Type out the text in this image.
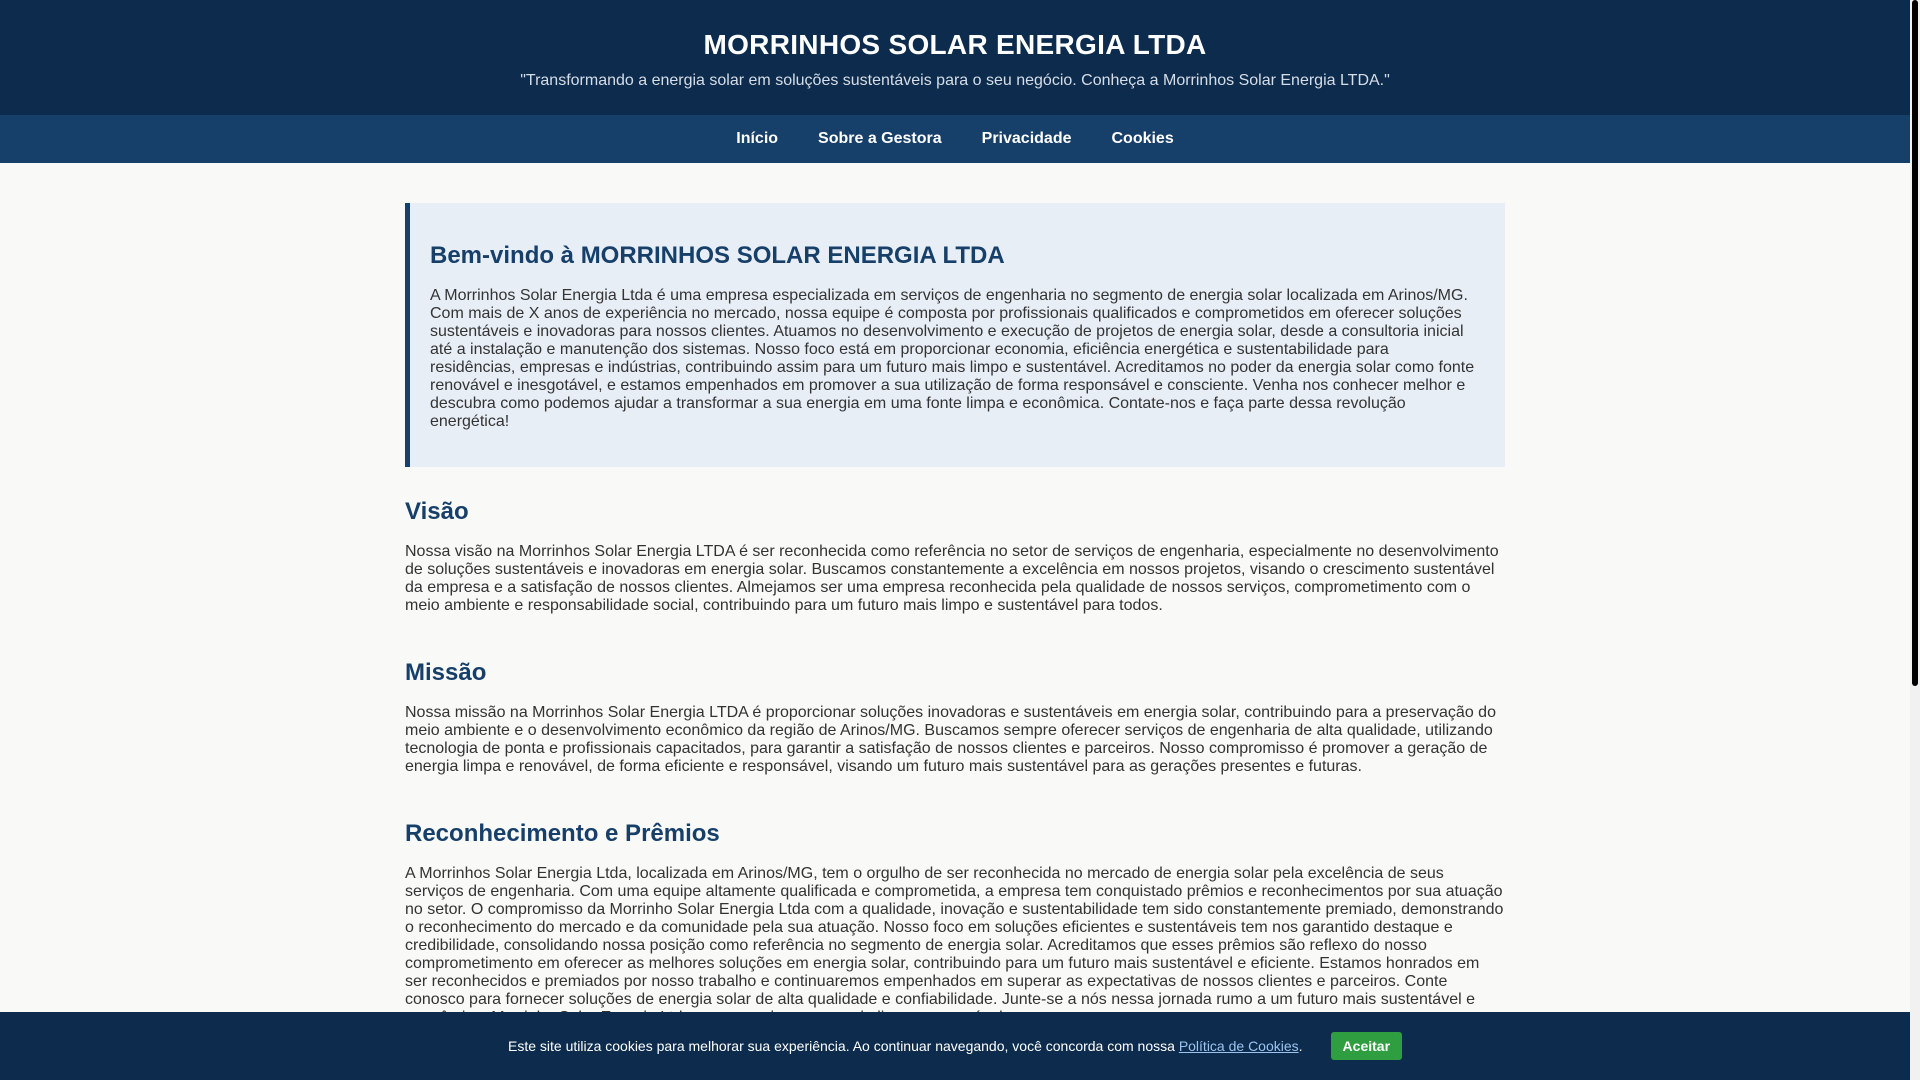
MORRINHOS SOLAR ENERGIA LTDA

"Transformando a energia solar em soluções sustentáveis para o seu negócio. Conheça a Morrinhos Solar Energia LTDA."

Início	Sobre a Gestora	Privacidade	Cookies
Bem-vindo à MORRINHOS SOLAR ENERGIA LTDA

A Morrinhos Solar Energia Ltda é uma empresa especializada em serviços de engenharia no segmento de energia solar localizada em Arinos/MG. Com mais de X anos de experiência no mercado, nossa equipe é composta por profissionais qualificados e comprometidos em oferecer soluções sustentáveis e inovadoras para nossos clientes. Atuamos no desenvolvimento e execução de projetos de energia solar, desde a consultoria inicial até a instalação e manutenção dos sistemas. Nosso foco está em proporcionar economia, eficiência energética e sustentabilidade para residências, empresas e indústrias, contribuindo assim para um futuro mais limpo e sustentável. Acreditamos no poder da energia solar como fonte renovável e inesgotável, e estamos empenhados em promover a sua utilização de forma responsável e consciente. Venha nos conhecer melhor e descubra como podemos ajudar a transformar a sua energia em uma fonte limpa e econômica. Contate-nos e faça parte dessa revolução energética!

Visão

Nossa visão na Morrinhos Solar Energia LTDA é ser reconhecida como referência no setor de serviços de engenharia, especialmente no desenvolvimento de soluções sustentáveis e inovadoras em energia solar. Buscamos constantemente a excelência em nossos projetos, visando o crescimento sustentável da empresa e a satisfação de nossos clientes. Almejamos ser uma empresa reconhecida pela qualidade de nossos serviços, comprometimento com o meio ambiente e responsabilidade social, contribuindo para um futuro mais limpo e sustentável para todos.

Missão

Nossa missão na Morrinhos Solar Energia LTDA é proporcionar soluções inovadoras e sustentáveis em energia solar, contribuindo para a preservação do meio ambiente e o desenvolvimento econômico da região de Arinos/MG. Buscamos sempre oferecer serviços de engenharia de alta qualidade, utilizando tecnologia de ponta e profissionais capacitados, para garantir a satisfação de nossos clientes e parceiros. Nosso compromisso é promover a geração de energia limpa e renovável, de forma eficiente e responsável, visando um futuro mais sustentável para as gerações presentes e futuras.

Reconhecimento e Prêmios

A Morrinhos Solar Energia Ltda, localizada em Arinos/MG, tem o orgulho de ser reconhecida no mercado de energia solar pela excelência de seus serviços de engenharia. Com uma equipe altamente qualificada e comprometida, a empresa tem conquistado prêmios e reconhecimentos por sua atuação no setor. O compromisso da Morrinho Solar Energia Ltda com a qualidade, inovação e sustentabilidade tem sido constantemente premiado, demonstrando o reconhecimento do mercado e da comunidade pela sua atuação. Nosso foco em soluções eficientes e sustentáveis tem nos garantido destaque e credibilidade, consolidando nossa posição como referência no segmento de energia solar. Acreditamos que esses prêmios são reflexo do nosso comprometimento em oferecer as melhores soluções em energia solar, contribuindo para um futuro mais sustentável e eficiente. Estamos honrados em ser reconhecidos e premiados por nosso trabalho e continuaremos empenhados em superar as expectativas de nossos clientes e parceiros. Conte conosco para fornecer soluções de energia solar de alta qualidade e confiabilidade. Junte-se a nós nessa jornada rumo a um futuro mais sustentável e

Este site utiliza cookies para melhorar sua experiência. Ao continuar navegando, você concorda com nossa
Política de Cookies .	Aceitar
